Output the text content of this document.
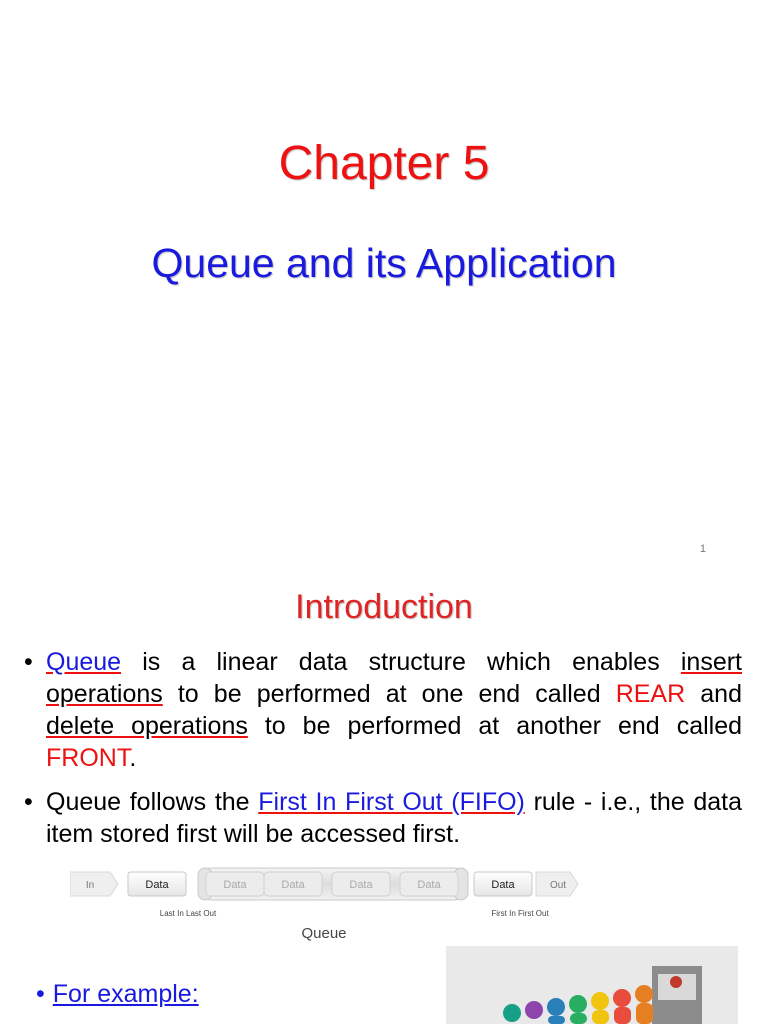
Chapter 5
Queue and its Application
1
Introduction
• Queue is a linear data structure which enables insert operations to be performed at one end called REAR and delete operations to be performed at another end called FRONT.
• Queue follows the First In First Out (FIFO) rule - i.e., the data item stored first will be accessed first.
In	Data	Data	Data	Data	Data	Data	Out
Last In Last Out	First In First Out
Queue
• For example:
